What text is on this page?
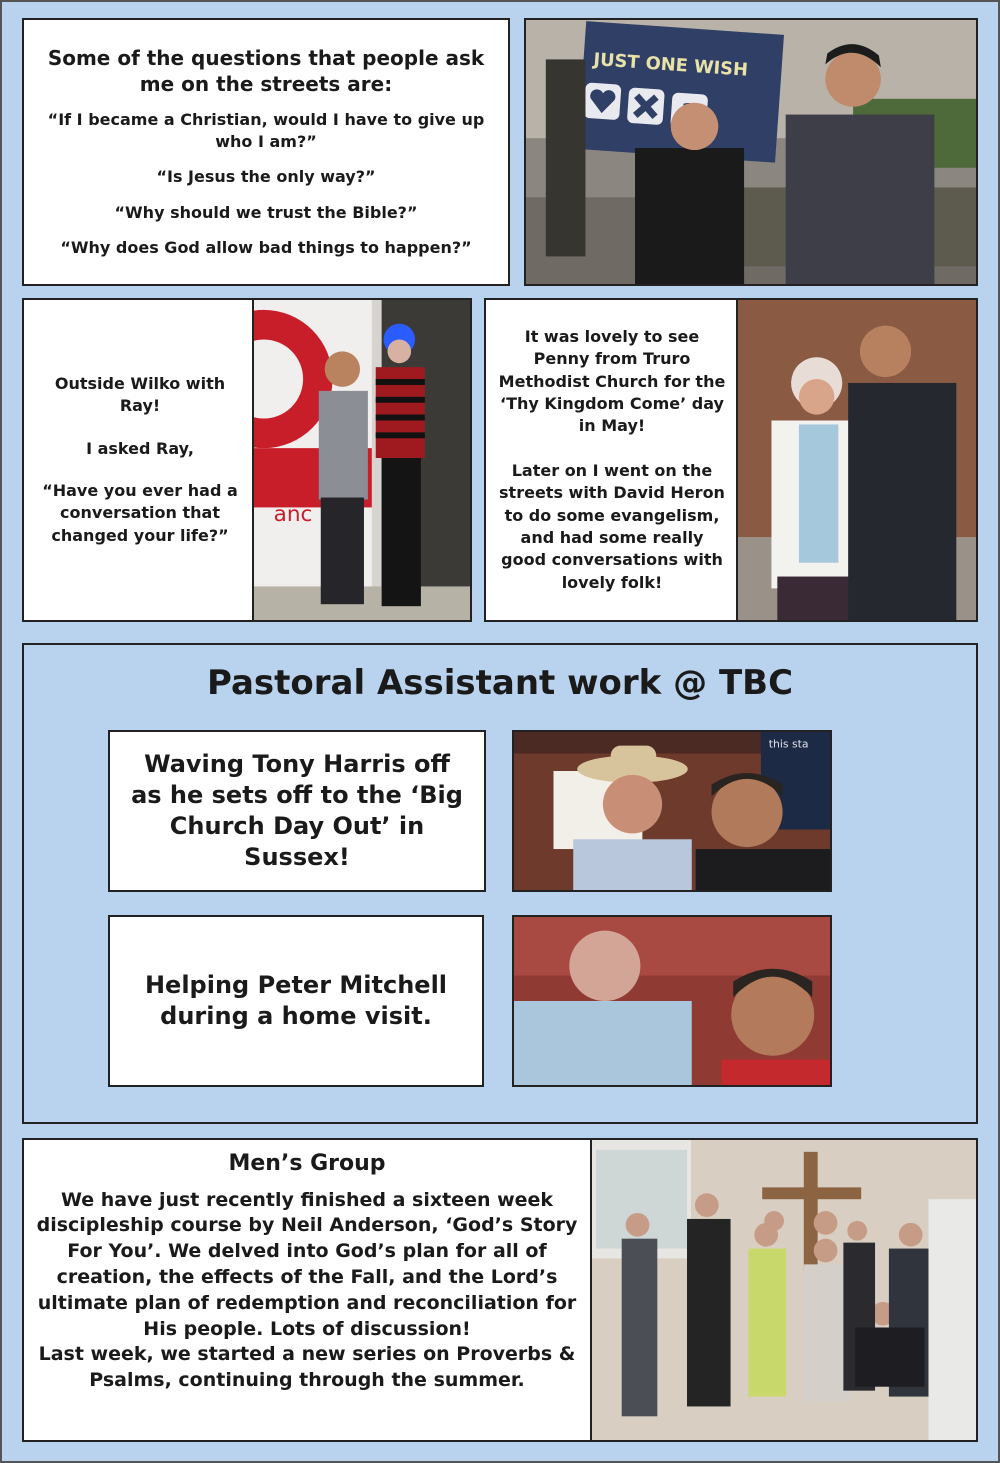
Some of the questions that people ask me on the streets are:

“If I became a Christian, would I have to give up who I am?”

“Is Jesus the only way?”

“Why should we trust the Bible?”

“Why does God allow bad things to happen?”

JUST ONE WISH

Outside Wilko with Ray!

I asked Ray,

“Have you ever had a conversation that changed your life?”

anc

It was lovely to see Penny from Truro Methodist Church for the ‘Thy Kingdom Come’ day in May!

Later on I went on the streets with David Heron to do some evangelism, and had some really good conversations with lovely folk!

Pastoral Assistant work @ TBC

Waving Tony Harris off as he sets off to the ‘Big Church Day Out’ in Sussex!

this sta

Helping Peter Mitchell during a home visit.

Men’s Group

We have just recently finished a sixteen week discipleship course by Neil Anderson, ‘God’s Story For You’. We delved into God’s plan for all of creation, the effects of the Fall, and the Lord’s ultimate plan of redemption and reconciliation for His people. Lots of discussion!

Last week, we started a new series on Proverbs & Psalms, continuing through the summer.
